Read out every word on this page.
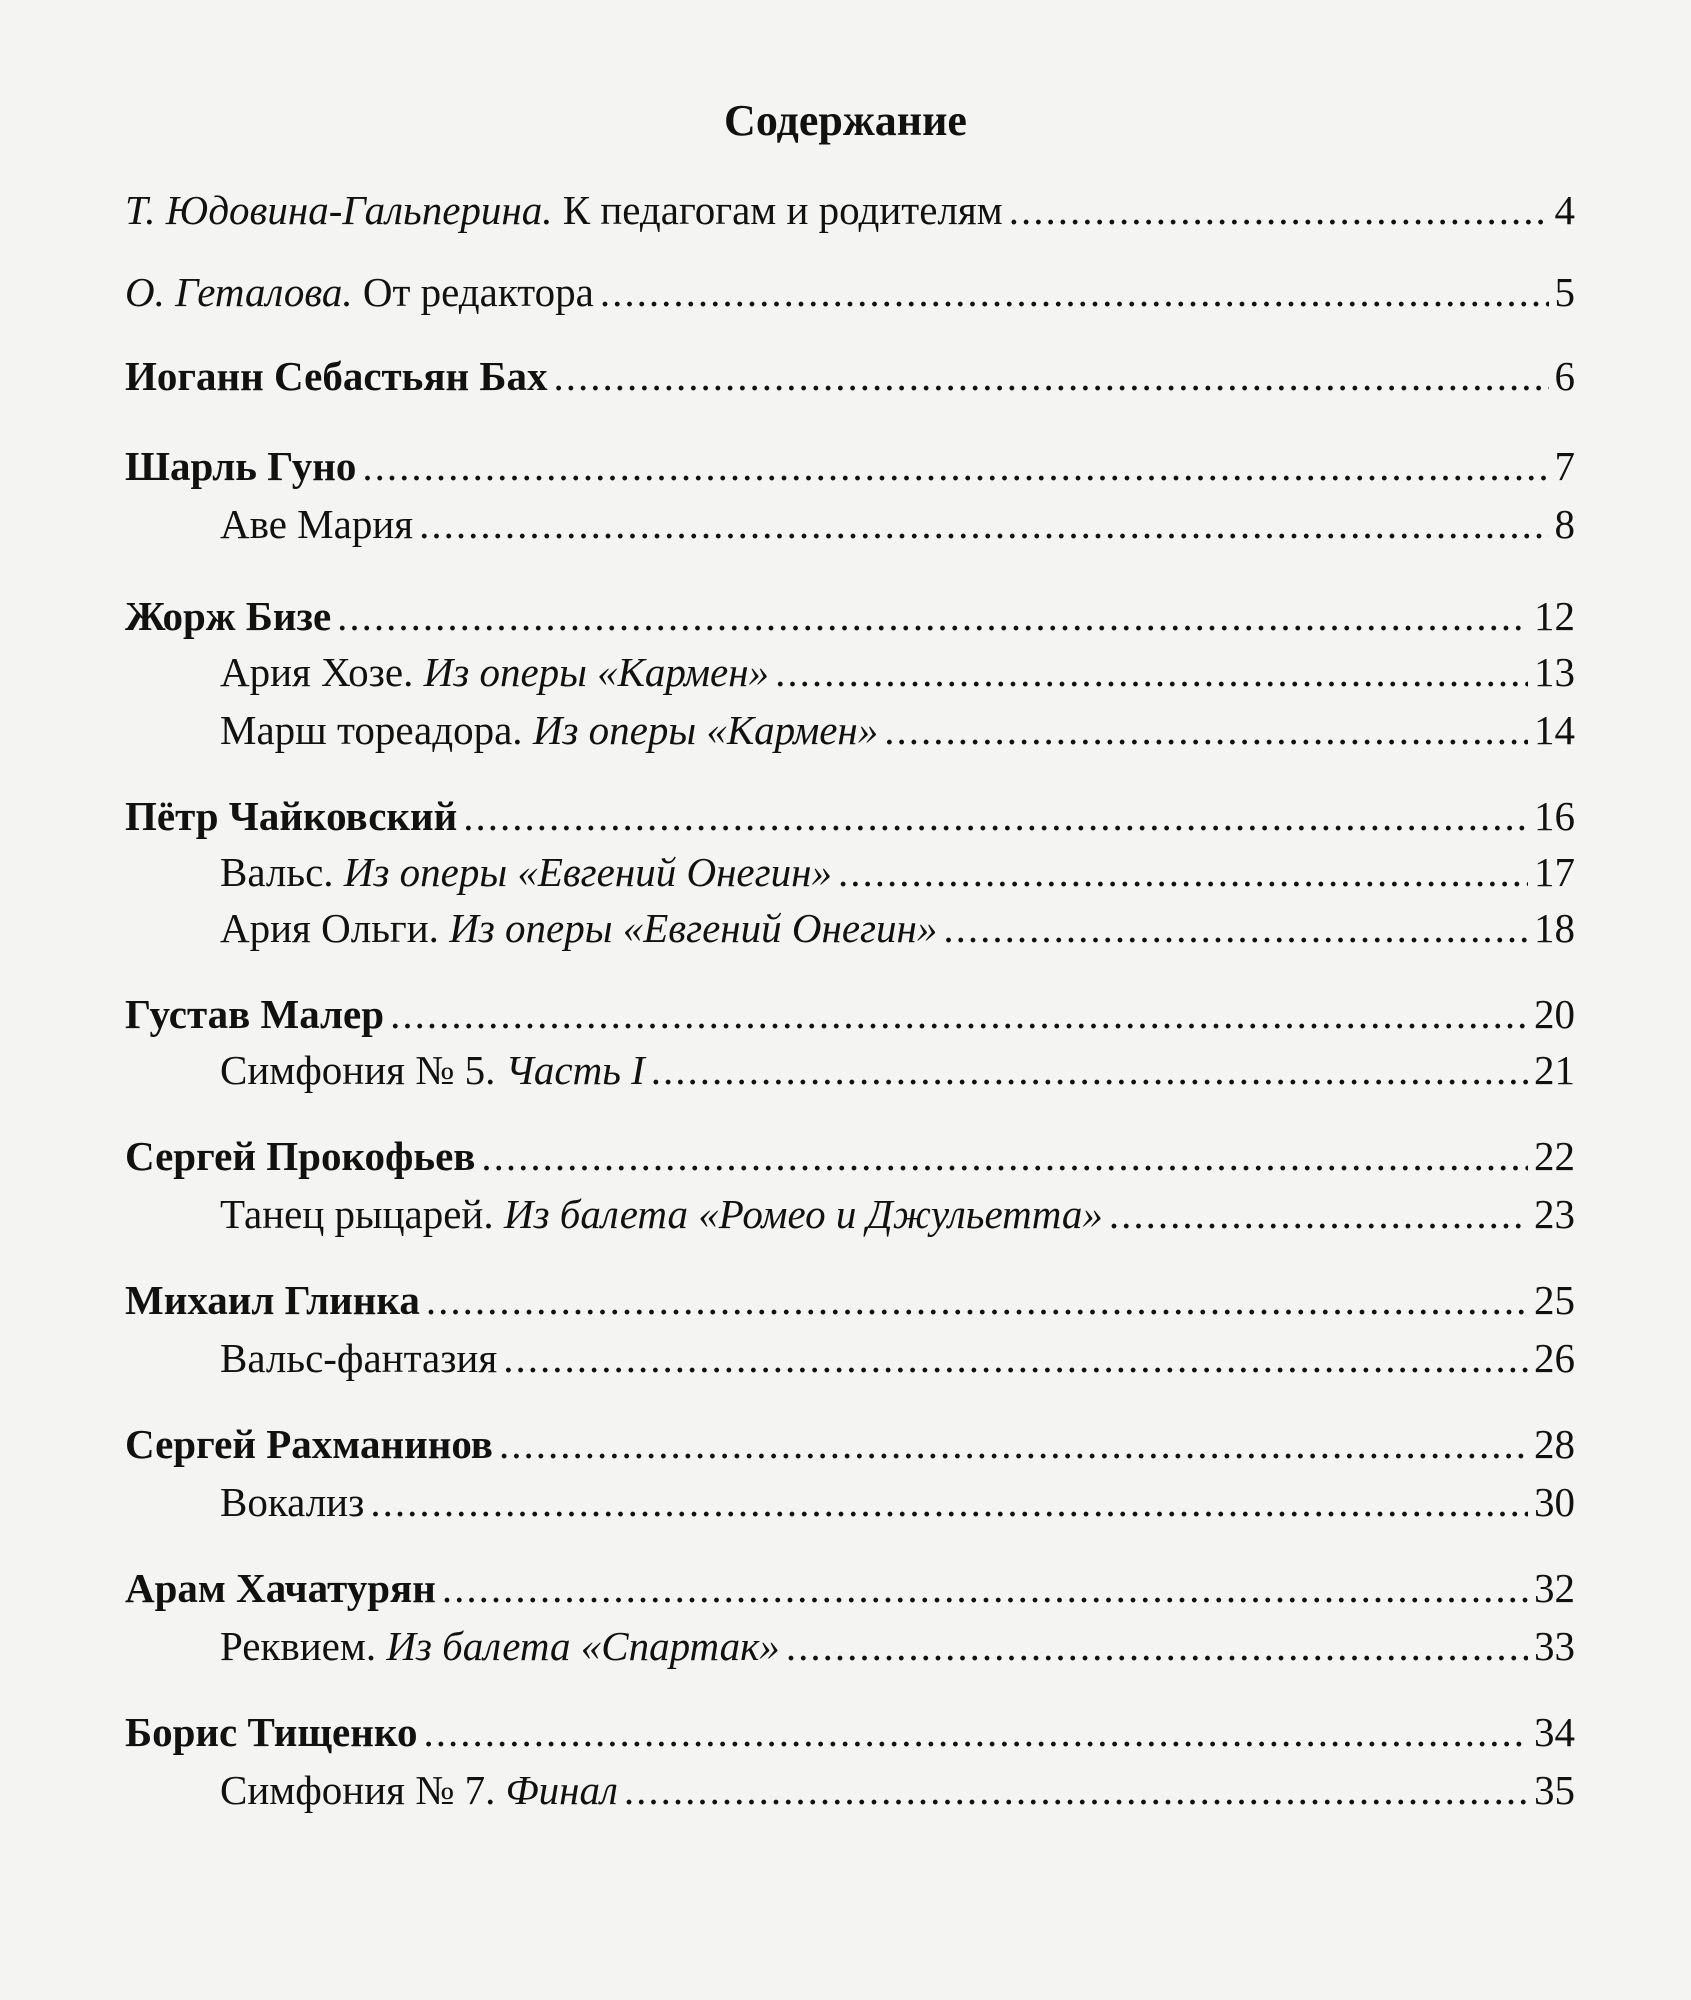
Содержание
Т. Юдовина-Гальперина. К педагогам и родителям .....	4
О. Геталова. От редактора .....	5
Иоганн Себастьян Бах .....	6
Шарль Гуно .....	7
Аве Мария .....	8
Жорж Бизе .....	12
Ария Хозе. Из оперы «Кармен» .....	13
Марш тореадора. Из оперы «Кармен» .....	14
Пётр Чайковский .....	16
Вальс. Из оперы «Евгений Онегин» .....	17
Ария Ольги. Из оперы «Евгений Онегин» .....	18
Густав Малер .....	20
Симфония № 5. Часть I .....	21
Сергей Прокофьев .....	22
Танец рыцарей. Из балета «Ромео и Джульетта» .....	23
Михаил Глинка .....	25
Вальс-фантазия .....	26
Сергей Рахманинов .....	28
Вокализ .....	30
Арам Хачатурян .....	32
Реквием. Из балета «Спартак» .....	33
Борис Тищенко .....	34
Симфония № 7. Финал .....	35
